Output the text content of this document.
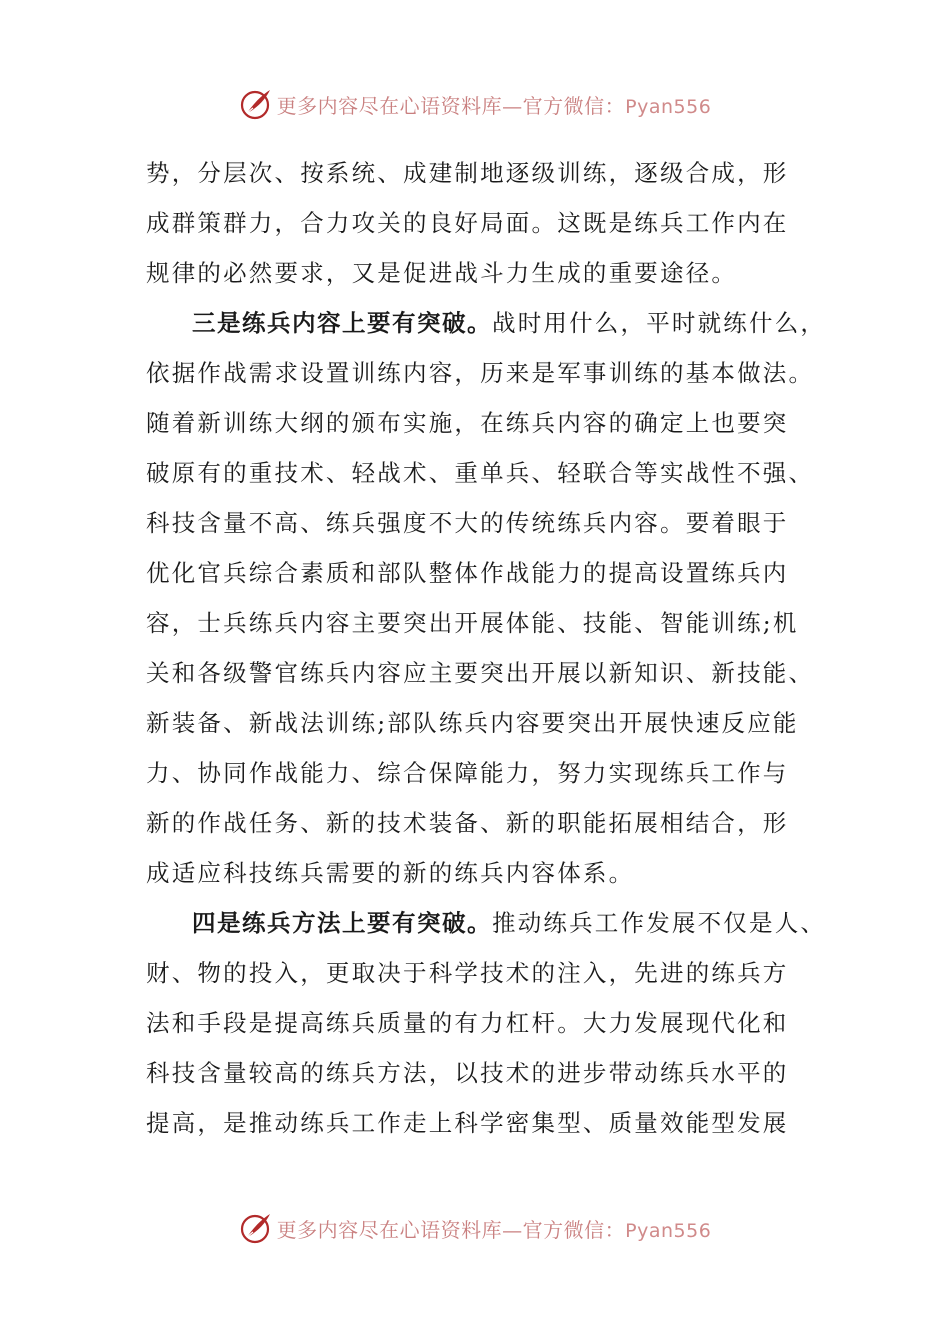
更多内容尽在心语资料库—官方微信：Pyan556
势，分层次、按系统、成建制地逐级训练，逐级合成，形
成群策群力，合力攻关的良好局面。这既是练兵工作内在
规律的必然要求，又是促进战斗力生成的重要途径。
三是练兵内容上要有突破。战时用什么，平时就练什么，
依据作战需求设置训练内容，历来是军事训练的基本做法。
随着新训练大纲的颁布实施，在练兵内容的确定上也要突
破原有的重技术、轻战术、重单兵、轻联合等实战性不强、
科技含量不高、练兵强度不大的传统练兵内容。要着眼于
优化官兵综合素质和部队整体作战能力的提高设置练兵内
容，士兵练兵内容主要突出开展体能、技能、智能训练;机
关和各级警官练兵内容应主要突出开展以新知识、新技能、
新装备、新战法训练;部队练兵内容要突出开展快速反应能
力、协同作战能力、综合保障能力，努力实现练兵工作与
新的作战任务、新的技术装备、新的职能拓展相结合，形
成适应科技练兵需要的新的练兵内容体系。
四是练兵方法上要有突破。推动练兵工作发展不仅是人、
财、物的投入，更取决于科学技术的注入，先进的练兵方
法和手段是提高练兵质量的有力杠杆。大力发展现代化和
科技含量较高的练兵方法，以技术的进步带动练兵水平的
提高，是推动练兵工作走上科学密集型、质量效能型发展
更多内容尽在心语资料库—官方微信：Pyan556
